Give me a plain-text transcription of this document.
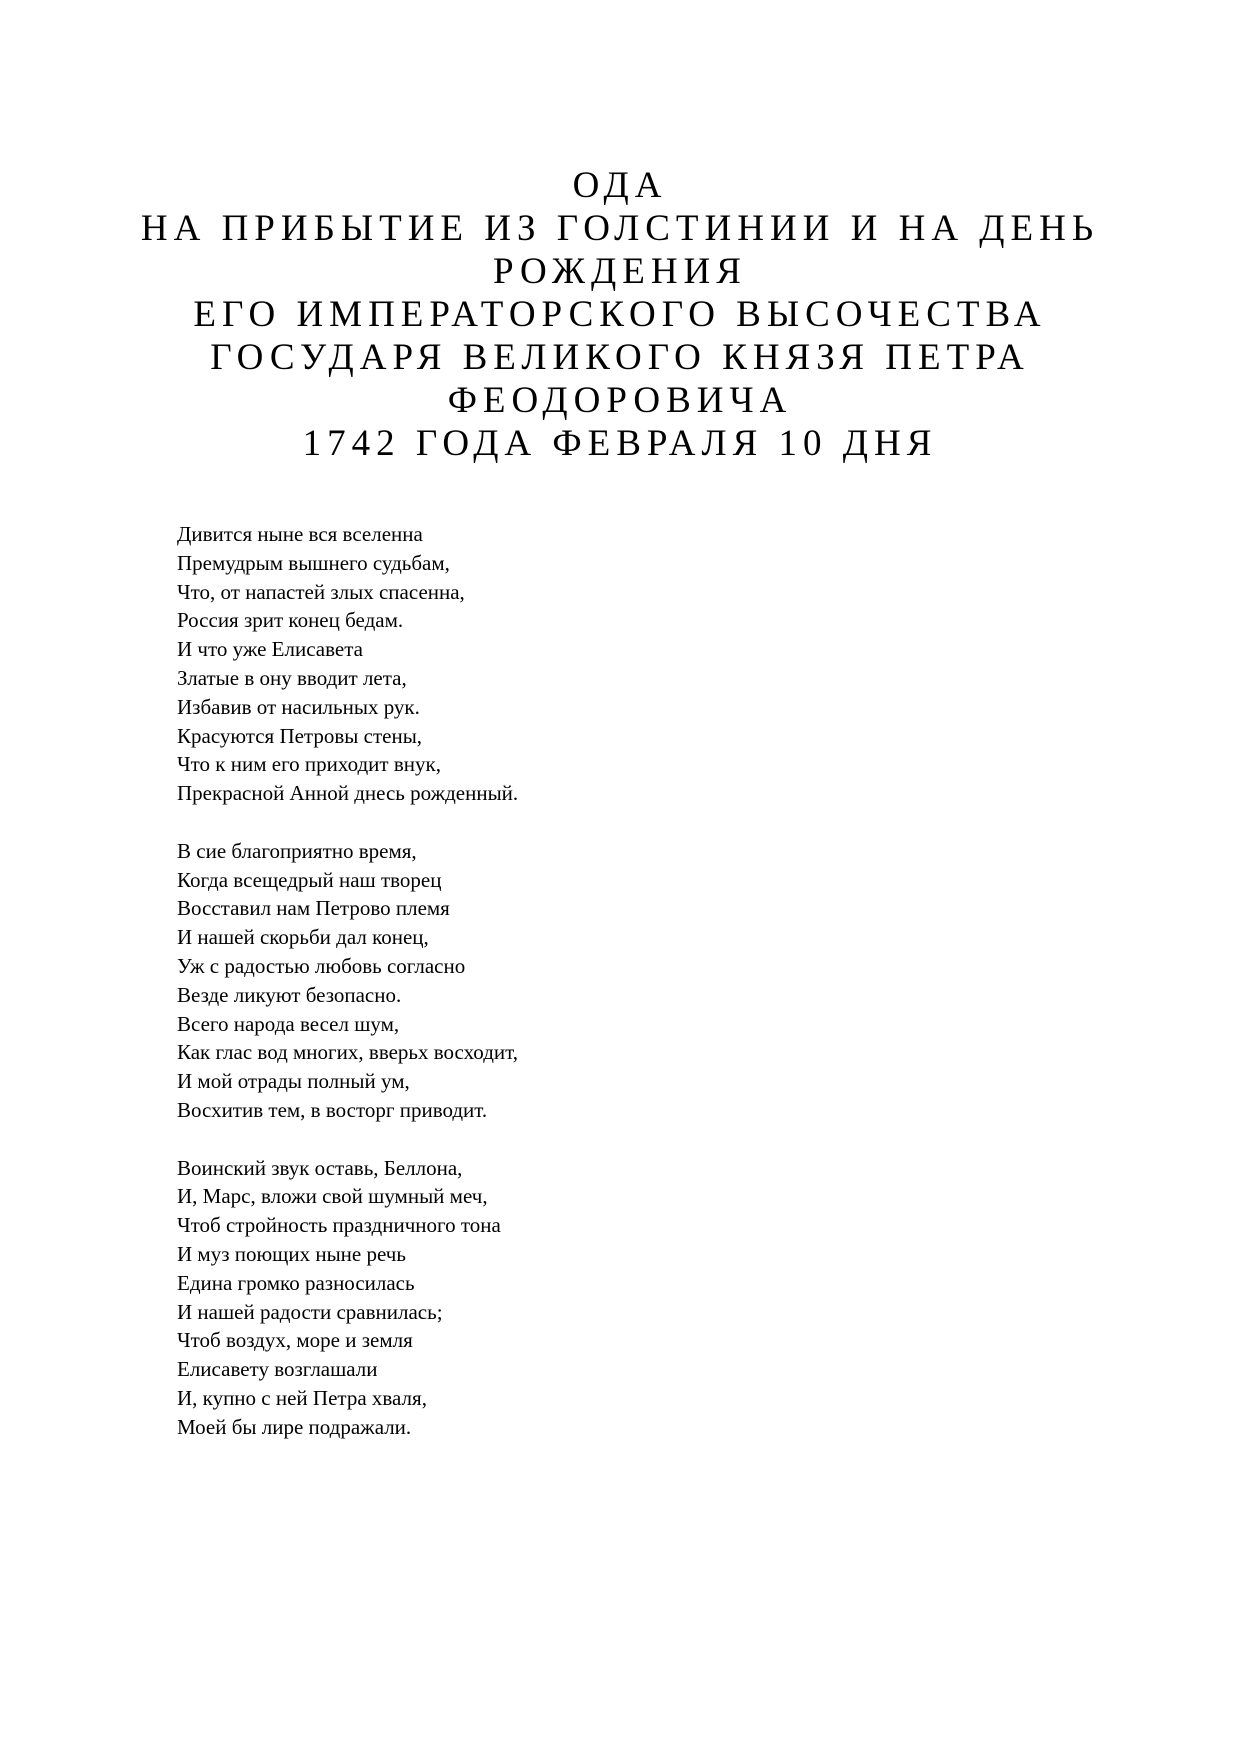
ОДА
НА ПРИБЫТИЕ ИЗ ГОЛСТИНИИ И НА ДЕНЬ
РОЖДЕНИЯ
ЕГО ИМПЕРАТОРСКОГО ВЫСОЧЕСТВА
ГОСУДАРЯ ВЕЛИКОГО КНЯЗЯ ПЕТРА
ФЕОДОРОВИЧА
1742 ГОДА ФЕВРАЛЯ 10 ДНЯ
Дивится ныне вся вселенна
Премудрым вышнего судьбам,
Что, от напастей злых спасенна,
Россия зрит конец бедам.
И что уже Елисавета
Златые в ону вводит лета,
Избавив от насильных рук.
Красуются Петровы стены,
Что к ним его приходит внук,
Прекрасной Анной днесь рожденный.
В сие благоприятно время,
Когда всещедрый наш творец
Восставил нам Петрово племя
И нашей скорьби дал конец,
Уж с радостью любовь согласно
Везде ликуют безопасно.
Всего народа весел шум,
Как глас вод многих, вверьх восходит,
И мой отрады полный ум,
Восхитив тем, в восторг приводит.
Воинский звук оставь, Беллона,
И, Марс, вложи свой шумный меч,
Чтоб стройность праздничного тона
И муз поющих ныне речь
Едина громко разносилась
И нашей радости сравнилась;
Чтоб воздух, море и земля
Елисавету возглашали
И, купно с ней Петра хваля,
Моей бы лире подражали.
